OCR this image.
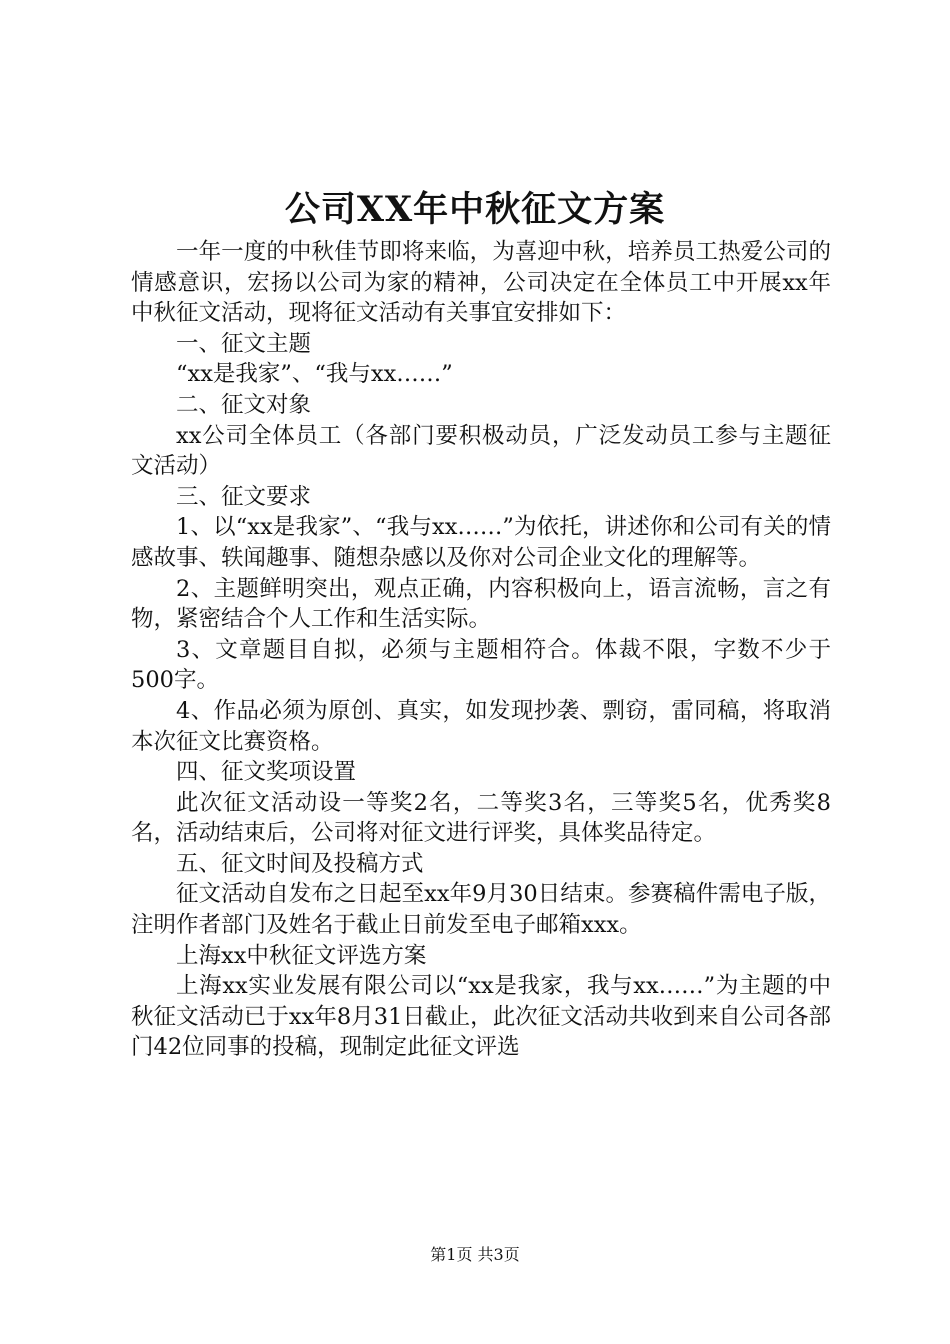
公司XX年中秋征文方案

一年一度的中秋佳节即将来临，为喜迎中秋，培养员工热爱公司的情感意识，宏扬以公司为家的精神，公司决定在全体员工中开展xx年中秋征文活动，现将征文活动有关事宜安排如下：

一、征文主题

“xx是我家”、“我与xx……”

二、征文对象

xx公司全体员工（各部门要积极动员，广泛发动员工参与主题征文活动）

三、征文要求

1、以“xx是我家”、“我与xx……”为依托，讲述你和公司有关的情感故事、轶闻趣事、随想杂感以及你对公司企业文化的理解等。

2、主题鲜明突出，观点正确，内容积极向上，语言流畅，言之有物，紧密结合个人工作和生活实际。

3、文章题目自拟，必须与主题相符合。体裁不限，字数不少于500字。

4、作品必须为原创、真实，如发现抄袭、剽窃，雷同稿，将取消本次征文比赛资格。

四、征文奖项设置

此次征文活动设一等奖2名，二等奖3名，三等奖5名，优秀奖8名，活动结束后，公司将对征文进行评奖，具体奖品待定。

五、征文时间及投稿方式

征文活动自发布之日起至xx年9月30日结束。参赛稿件需电子版，注明作者部门及姓名于截止日前发至电子邮箱xxx。

上海xx中秋征文评选方案

上海xx实业发展有限公司以“xx是我家，我与xx……”为主题的中秋征文活动已于xx年8月31日截止，此次征文活动共收到来自公司各部门42位同事的投稿，现制定此征文评选

第1页 共3页
